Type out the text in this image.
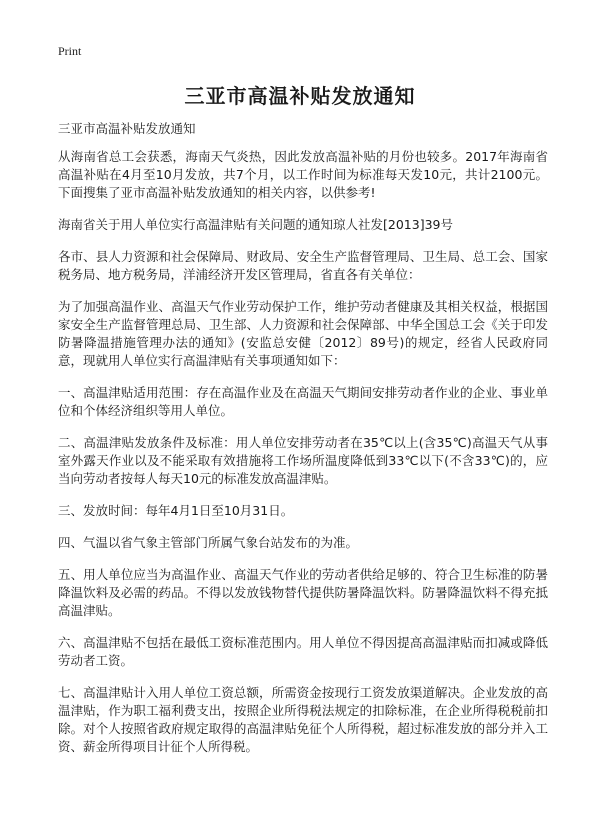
Print
三亚市高温补贴发放通知

三亚市高温补贴发放通知

从海南省总工会获悉，海南天气炎热，因此发放高温补贴的月份也较多。2017年海南省高温补贴在4月至10月发放，共7个月，以工作时间为标准每天发10元，共计2100元。下面搜集了亚市高温补贴发放通知的相关内容，以供参考!

海南省关于用人单位实行高温津贴有关问题的通知琼人社发[2013]39号

各市、县人力资源和社会保障局、财政局、安全生产监督管理局、卫生局、总工会、国家税务局、地方税务局，洋浦经济开发区管理局，省直各有关单位：

为了加强高温作业、高温天气作业劳动保护工作，维护劳动者健康及其相关权益，根据国家安全生产监督管理总局、卫生部、人力资源和社会保障部、中华全国总工会《关于印发防暑降温措施管理办法的通知》(安监总安健〔2012〕89号)的规定，经省人民政府同意，现就用人单位实行高温津贴有关事项通知如下：

一、高温津贴适用范围：存在高温作业及在高温天气期间安排劳动者作业的企业、事业单位和个体经济组织等用人单位。

二、高温津贴发放条件及标准：用人单位安排劳动者在35℃以上(含35℃)高温天气从事室外露天作业以及不能采取有效措施将工作场所温度降低到33℃以下(不含33℃)的，应当向劳动者按每人每天10元的标准发放高温津贴。

三、发放时间：每年4月1日至10月31日。

四、气温以省气象主管部门所属气象台站发布的为准。

五、用人单位应当为高温作业、高温天气作业的劳动者供给足够的、符合卫生标准的防暑降温饮料及必需的药品。不得以发放钱物替代提供防暑降温饮料。防暑降温饮料不得充抵高温津贴。

六、高温津贴不包括在最低工资标准范围内。用人单位不得因提高高温津贴而扣减或降低劳动者工资。

七、高温津贴计入用人单位工资总额，所需资金按现行工资发放渠道解决。企业发放的高温津贴，作为职工福利费支出，按照企业所得税法规定的扣除标准，在企业所得税税前扣除。对个人按照省政府规定取得的高温津贴免征个人所得税，超过标准发放的部分并入工资、薪金所得项目计征个人所得税。
